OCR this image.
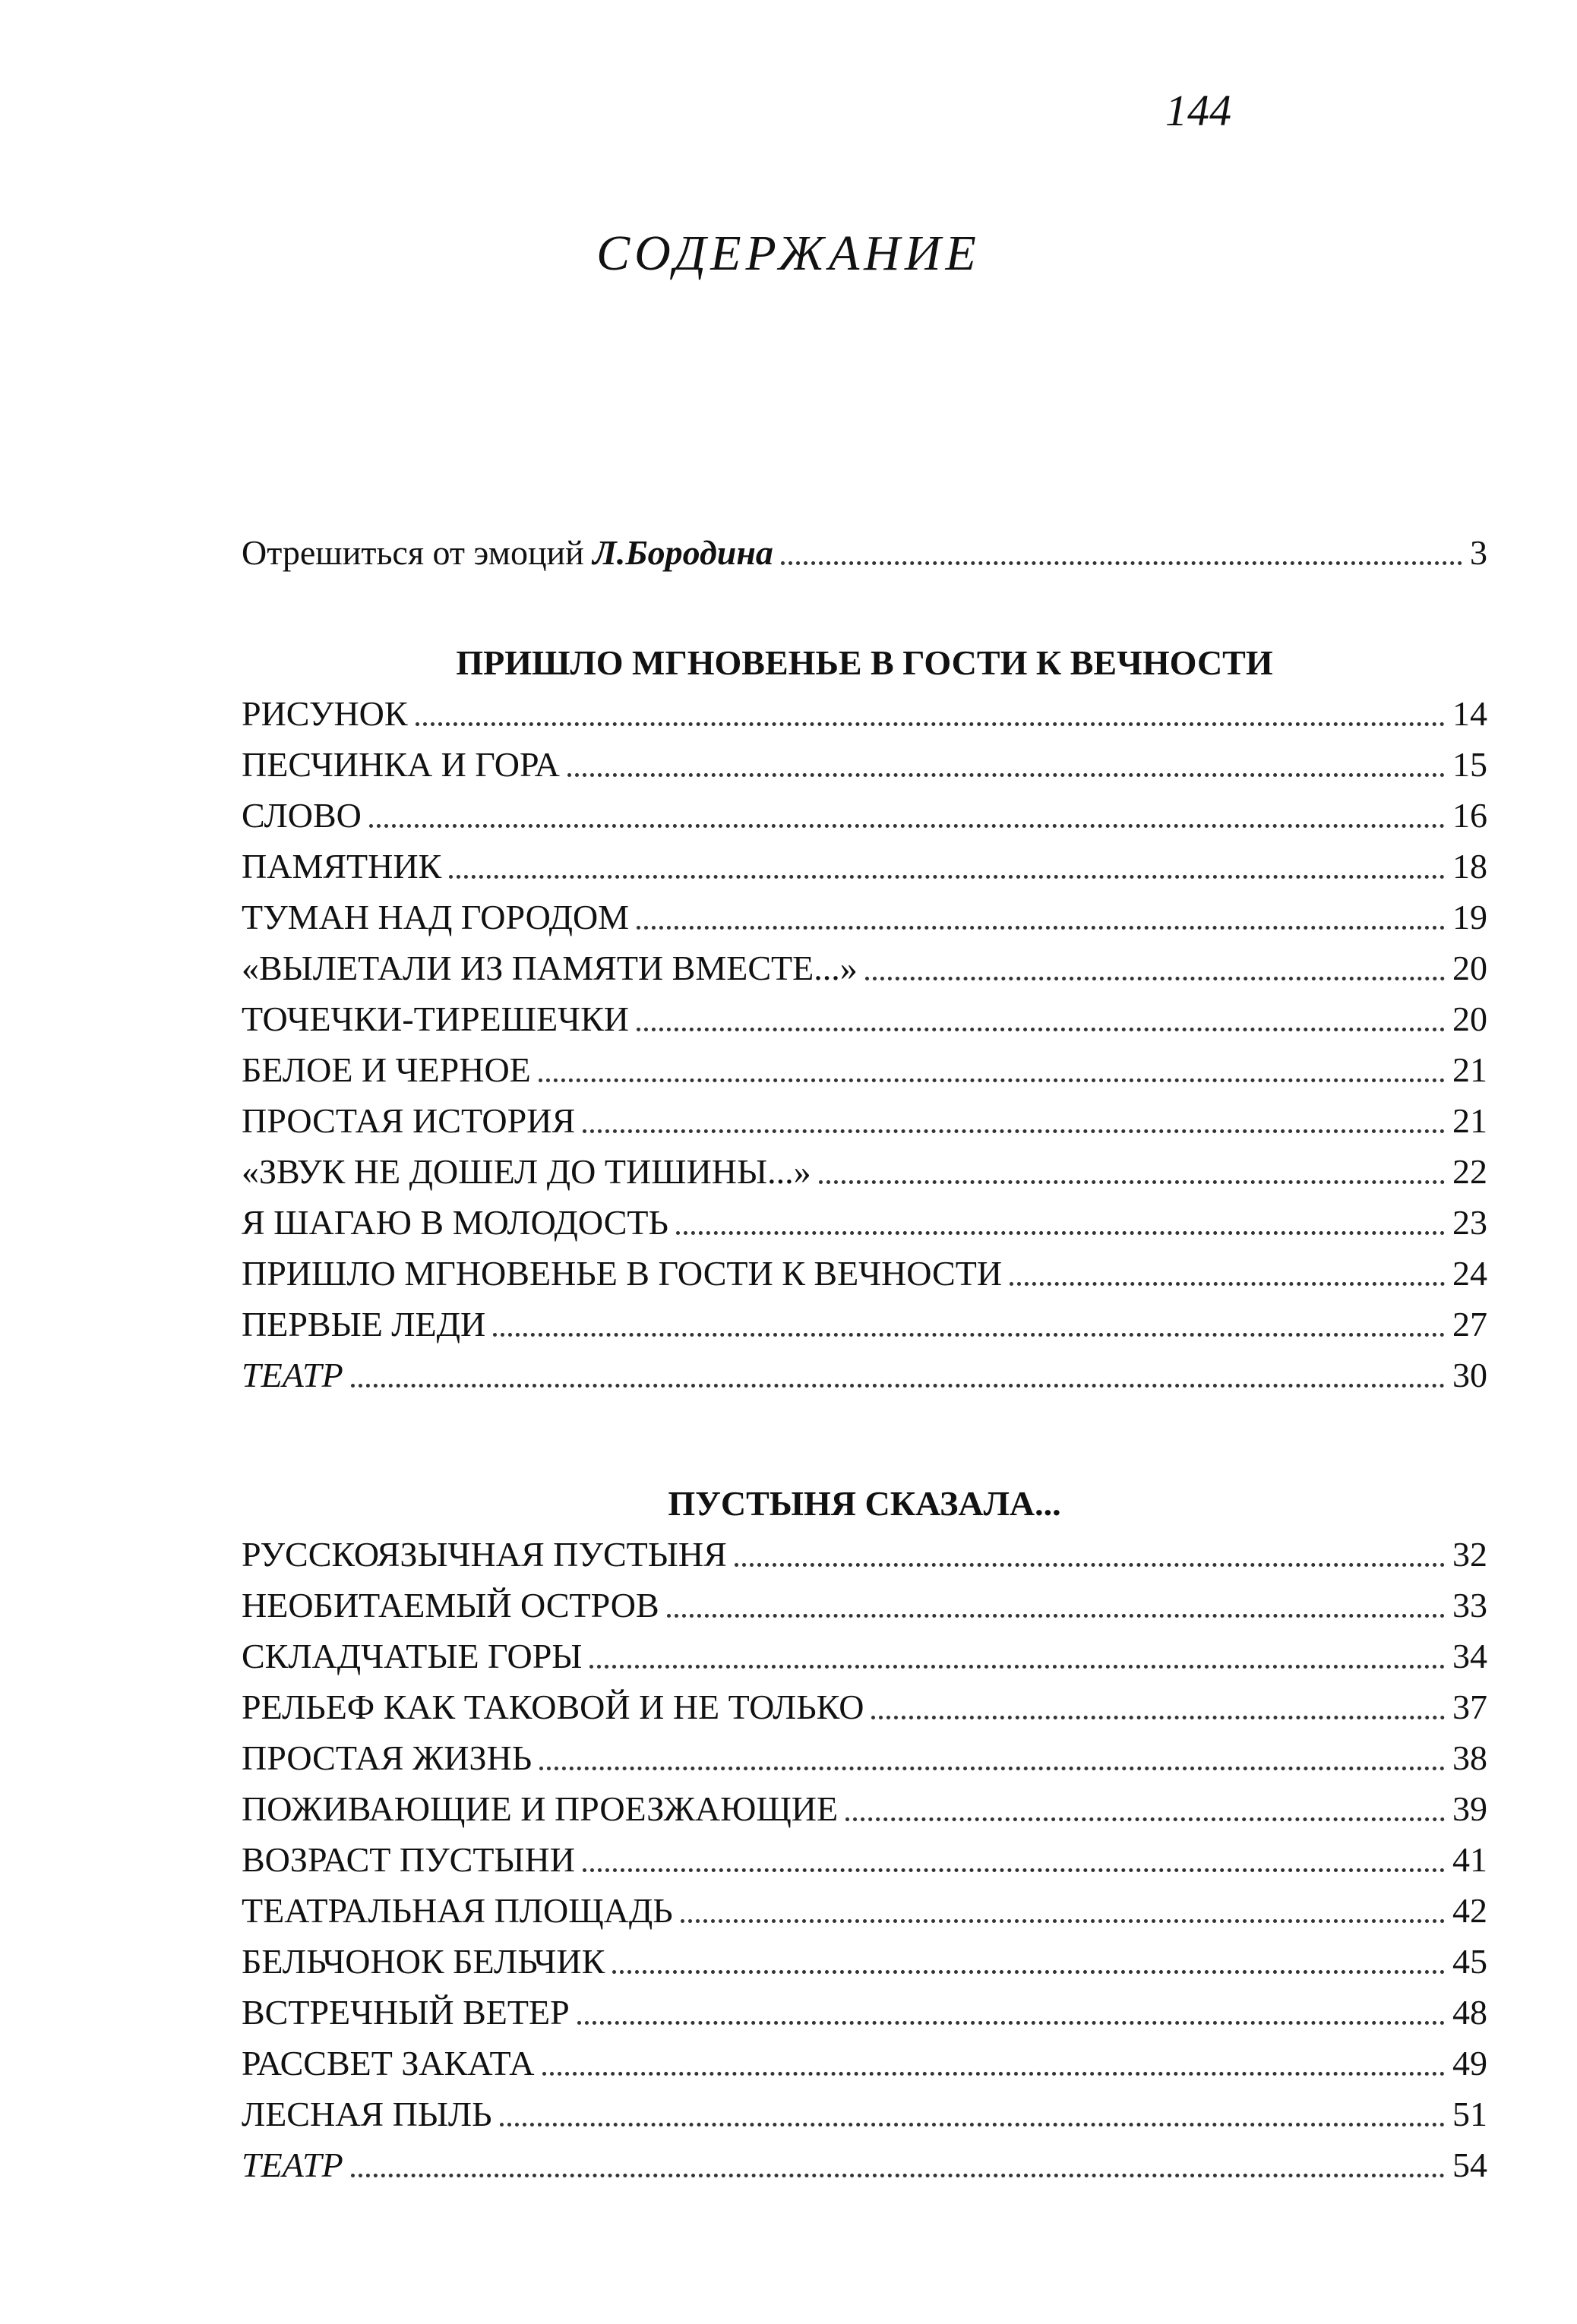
144
СОДЕРЖАНИЕ
Отрешиться от эмоций Л.Бородина	3
ПРИШЛО МГНОВЕНЬЕ В ГОСТИ К ВЕЧНОСТИ
РИСУНОК	14
ПЕСЧИНКА И ГОРА	15
СЛОВО	16
ПАМЯТНИК	18
ТУМАН НАД ГОРОДОМ	19
«ВЫЛЕТАЛИ ИЗ ПАМЯТИ ВМЕСТЕ...»	20
ТОЧЕЧКИ-ТИРЕШЕЧКИ	20
БЕЛОЕ И ЧЕРНОЕ	21
ПРОСТАЯ ИСТОРИЯ	21
«ЗВУК НЕ ДОШЕЛ ДО ТИШИНЫ...»	22
Я ШАГАЮ В МОЛОДОСТЬ	23
ПРИШЛО МГНОВЕНЬЕ В ГОСТИ К ВЕЧНОСТИ	24
ПЕРВЫЕ ЛЕДИ	27
ТЕАТР	30
ПУСТЫНЯ СКАЗАЛА...
РУССКОЯЗЫЧНАЯ ПУСТЫНЯ	32
НЕОБИТАЕМЫЙ ОСТРОВ	33
СКЛАДЧАТЫЕ ГОРЫ	34
РЕЛЬЕФ КАК ТАКОВОЙ И НЕ ТОЛЬКО	37
ПРОСТАЯ ЖИЗНЬ	38
ПОЖИВАЮЩИЕ И ПРОЕЗЖАЮЩИЕ	39
ВОЗРАСТ ПУСТЫНИ	41
ТЕАТРАЛЬНАЯ ПЛОЩАДЬ	42
БЕЛЬЧОНОК БЕЛЬЧИК	45
ВСТРЕЧНЫЙ ВЕТЕР	48
РАССВЕТ ЗАКАТА	49
ЛЕСНАЯ ПЫЛЬ	51
ТЕАТР	54
